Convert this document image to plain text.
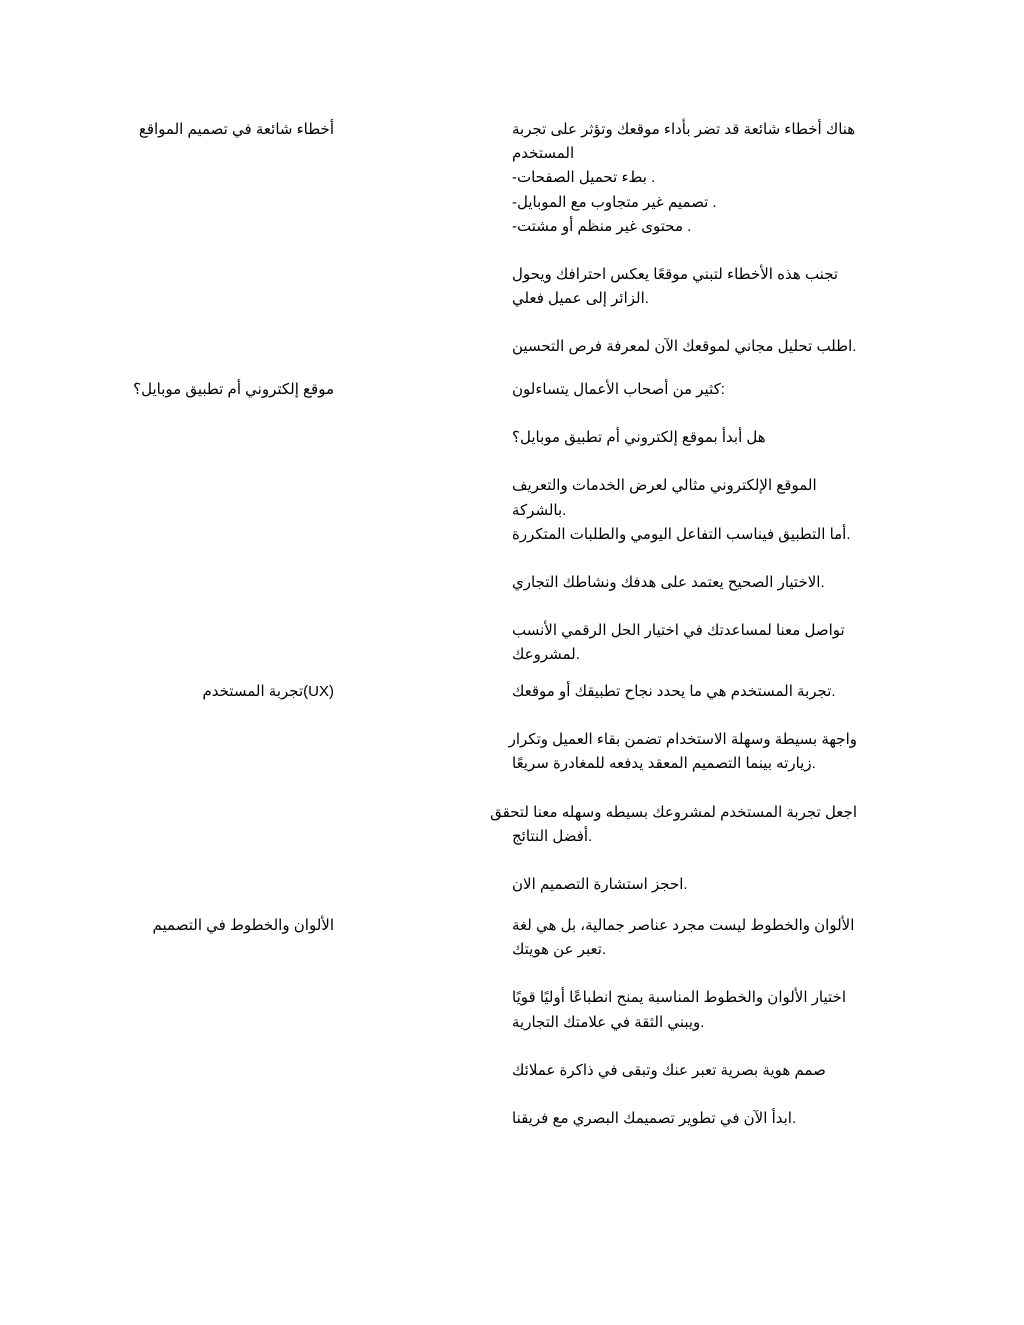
أخطاء شائعة في تصميم المواقع	هناك أخطاء شائعة قد تضر بأداء موقعك وتؤثر على تجربة
المستخدم
. بطء تحميل الصفحات-
. تصميم غير متجاوب مع الموبايل-
. محتوى غير منظم أو مشتت-
تجنب هذه الأخطاء لتبني موقعًا يعكس احترافك ويحول
.الزائر إلى عميل فعلي
.اطلب تحليل مجاني لموقعك الآن لمعرفة فرص التحسين
موقع إلكتروني أم تطبيق موبايل؟	:كثير من أصحاب الأعمال يتساءلون
هل أبدأ بموقع إلكتروني أم تطبيق موبايل؟
الموقع الإلكتروني مثالي لعرض الخدمات والتعريف
.بالشركة
.أما التطبيق فيناسب التفاعل اليومي والطلبات المتكررة
.الاختيار الصحيح يعتمد على هدفك ونشاطك التجاري
تواصل معنا لمساعدتك في اختيار الحل الرقمي الأنسب
.لمشروعك
(UX)تجربة المستخدم	.تجربة المستخدم هي ما يحدد نجاح تطبيقك أو موقعك
واجهة بسيطة وسهلة الاستخدام تضمن بقاء العميل وتكرار
.زيارته بينما التصميم المعقد يدفعه للمغادرة سريعًا
اجعل تجربة المستخدم لمشروعك بسيطه وسهله معنا لتحقق
.أفضل النتائج
.احجز استشارة التصميم الان
الألوان والخطوط في التصميم	الألوان والخطوط ليست مجرد عناصر جمالية، بل هي لغة
.تعبر عن هويتك
اختيار الألوان والخطوط المناسبة يمنح انطباعًا أوليًا قويًا
.ويبني الثقة في علامتك التجارية
صمم هوية بصرية تعبر عنك وتبقى في ذاكرة عملائك
.ابدأ الآن في تطوير تصميمك البصري مع فريقنا
